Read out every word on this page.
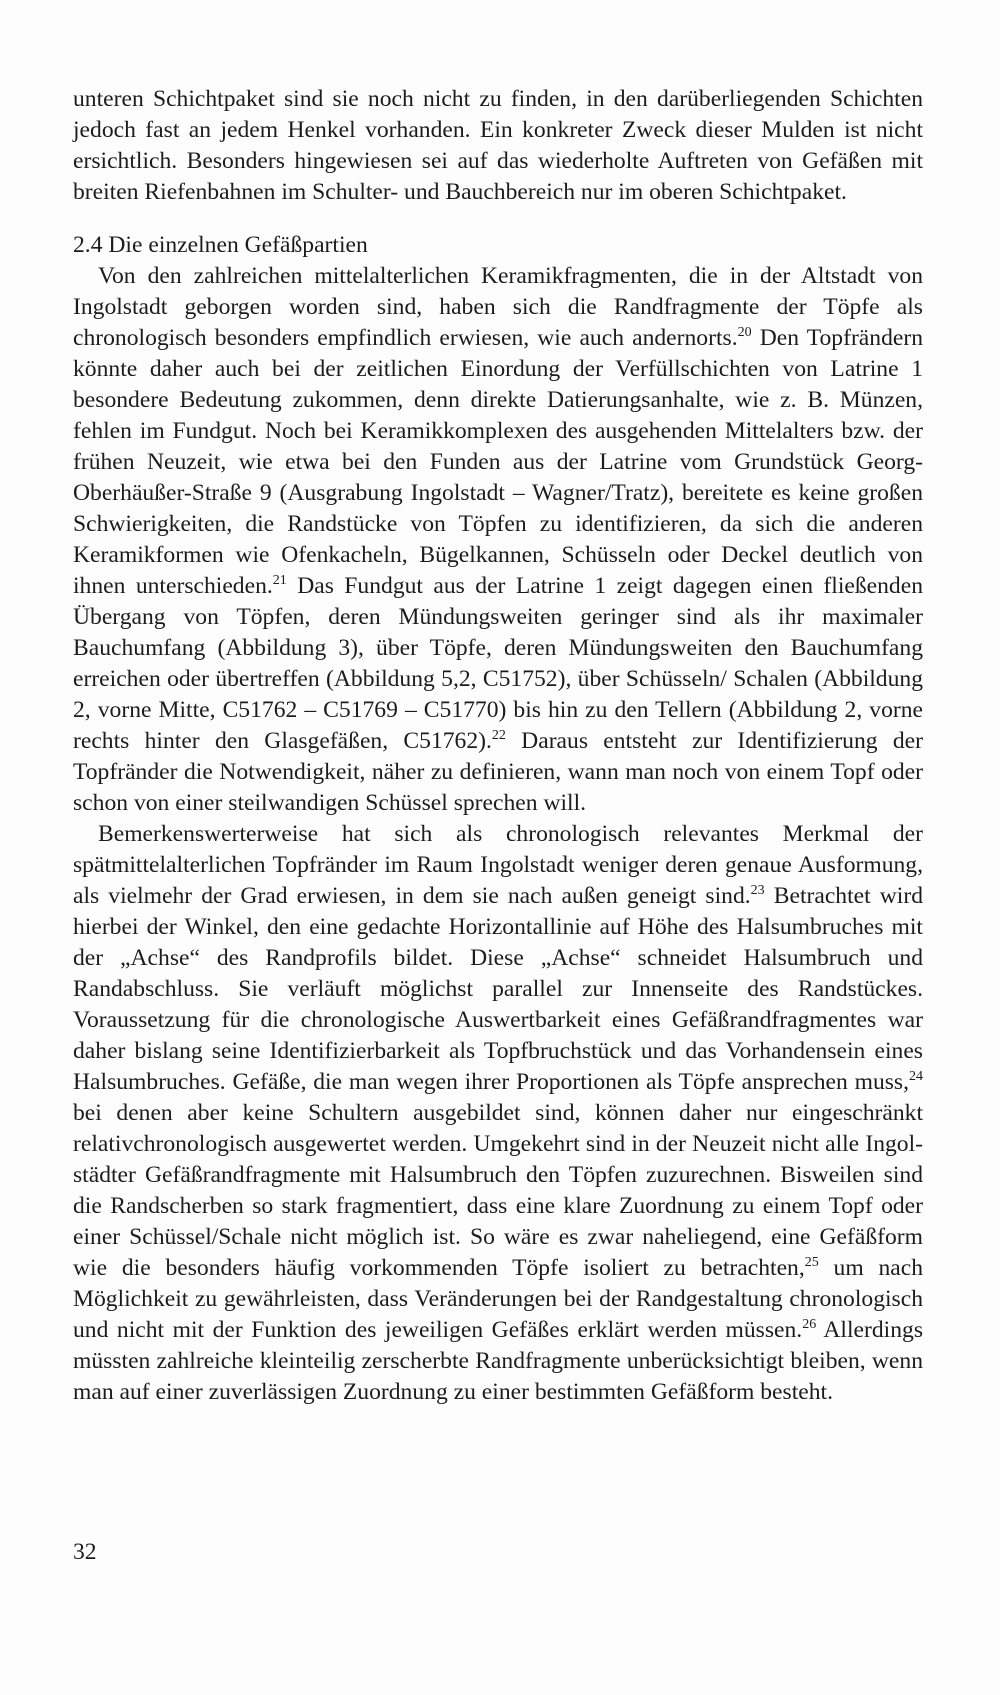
unteren Schichtpaket sind sie noch nicht zu finden, in den darüberliegenden Schichten jedoch fast an jedem Henkel vorhanden. Ein konkreter Zweck dieser Mulden ist nicht ersichtlich. Besonders hingewiesen sei auf das wiederholte Auftreten von Gefäßen mit breiten Riefenbahnen im Schulter- und Bauchbereich nur im oberen Schichtpaket.

2.4 Die einzelnen Gefäßpartien

Von den zahlreichen mittelalterlichen Keramikfragmenten, die in der Altstadt von Ingolstadt geborgen worden sind, haben sich die Randfragmente der Töpfe als chronologisch besonders empfindlich erwiesen, wie auch andernorts.$^{20}$ Den Topfrändern könnte daher auch bei der zeitlichen Einordung der Verfüllschichten von Latrine 1 besondere Bedeutung zukommen, denn direkte Datierungsanhalte, wie z. B. Münzen, fehlen im Fundgut. Noch bei Keramikkomplexen des ausgehenden Mittelalters bzw. der frühen Neuzeit, wie etwa bei den Funden aus der Latrine vom Grundstück Georg-Oberhäußer-Straße 9 (Ausgrabung Ingolstadt – Wagner/Tratz), bereitete es keine großen Schwierigkeiten, die Randstücke von Töpfen zu identifizieren, da sich die anderen Keramikformen wie Ofenkacheln, Bügelkannen, Schüsseln oder Deckel deutlich von ihnen unterschieden.$^{21}$ Das Fundgut aus der Latrine 1 zeigt dagegen einen fließenden Übergang von Töpfen, deren Mündungsweiten geringer sind als ihr maximaler Bauchumfang (Abbildung 3), über Töpfe, deren Mündungsweiten den Bauchumfang erreichen oder übertreffen (Abbildung 5,2, C51752), über Schüsseln/ Schalen (Abbildung 2, vorne Mitte, C51762 – C51769 – C51770) bis hin zu den Tellern (Abbildung 2, vorne rechts hinter den Glasgefäßen, C51762).$^{22}$ Daraus entsteht zur Identifizierung der Topfränder die Notwendigkeit, näher zu definieren, wann man noch von einem Topf oder schon von einer steilwandigen Schüssel sprechen will.

Bemerkenswerterweise hat sich als chronologisch relevantes Merkmal der spätmittelalterlichen Topfränder im Raum Ingolstadt weniger deren genaue Ausformung, als vielmehr der Grad erwiesen, in dem sie nach außen geneigt sind.$^{23}$ Betrachtet wird hierbei der Winkel, den eine gedachte Horizontallinie auf Höhe des Halsumbruches mit der „Achse“ des Randprofils bildet. Diese „Achse“ schneidet Halsumbruch und Randabschluss. Sie verläuft möglichst parallel zur Innenseite des Randstückes. Voraussetzung für die chronologische Auswertbarkeit eines Gefäßrandfragmentes war daher bislang seine Identifizierbarkeit als Topfbruchstück und das Vorhandensein eines Halsumbruches. Gefäße, die man wegen ihrer Proportionen als Töpfe ansprechen muss,$^{24}$ bei denen aber keine Schultern ausgebildet sind, können daher nur eingeschränkt relativchronologisch ausgewertet werden. Umgekehrt sind in der Neuzeit nicht alle Ingolstädter Gefäßrandfragmente mit Halsumbruch den Töpfen zuzurechnen. Bisweilen sind die Randscherben so stark fragmentiert, dass eine klare Zuordnung zu einem Topf oder einer Schüssel/Schale nicht möglich ist. So wäre es zwar naheliegend, eine Gefäßform wie die besonders häufig vorkommenden Töpfe isoliert zu betrachten,$^{25}$ um nach Möglichkeit zu gewährleisten, dass Veränderungen bei der Randgestaltung chronologisch und nicht mit der Funktion des jeweiligen Gefäßes erklärt werden müssen.$^{26}$ Allerdings müssten zahlreiche kleinteilig zerscherbte Randfragmente unberücksichtigt bleiben, wenn man auf einer zuverlässigen Zuordnung zu einer bestimmten Gefäßform besteht.

32
